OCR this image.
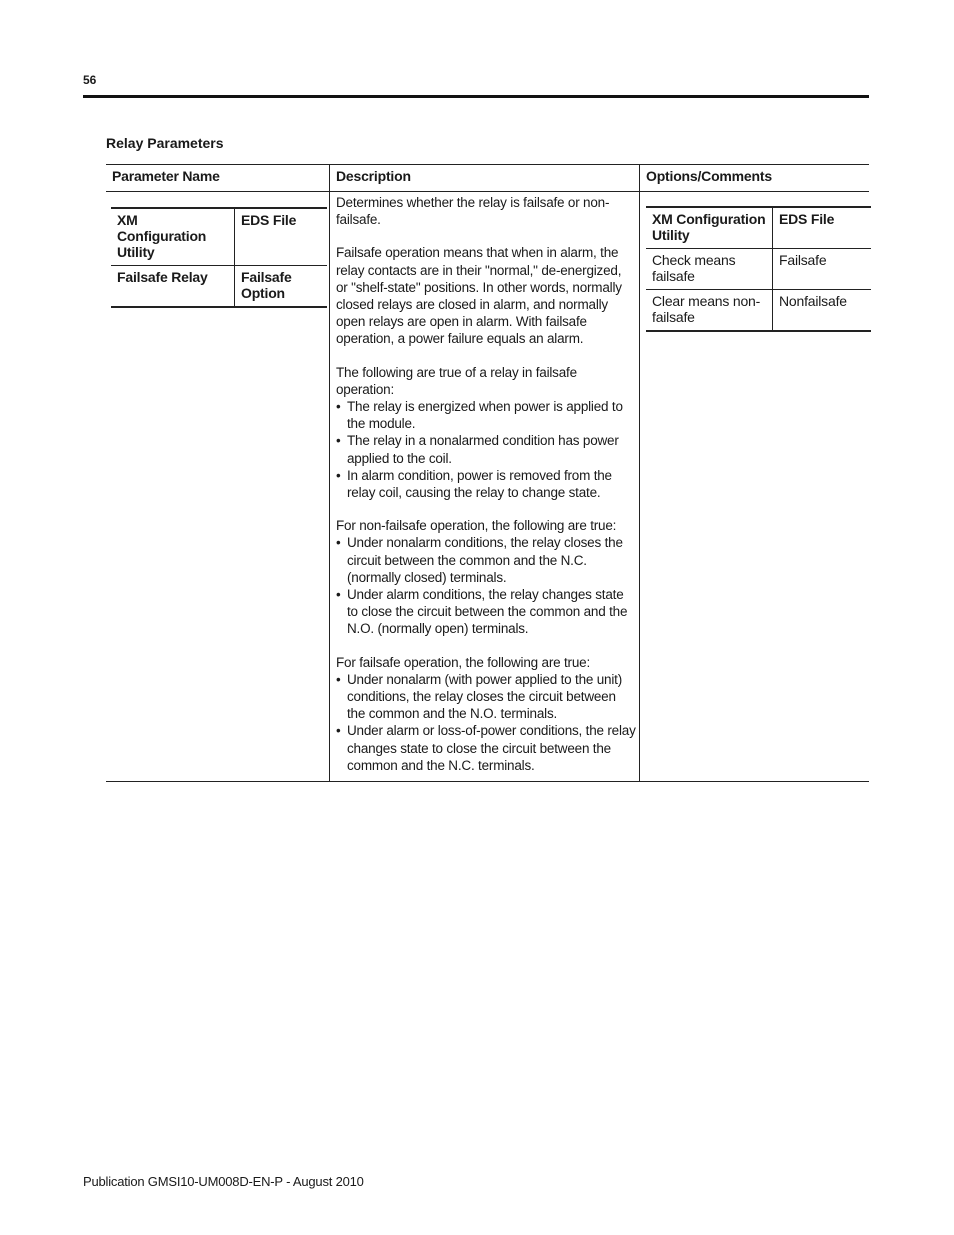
56
Relay Parameters
Parameter Name	Description	Options/Comments
XM Configuration Utility	EDS File
Failsafe Relay	Failsafe Option

Determines whether the relay is failsafe or non-failsafe.

Failsafe operation means that when in alarm, the relay contacts are in their "normal," de-energized, or "shelf-state" positions. In other words, normally closed relays are closed in alarm, and normally open relays are open in alarm. With failsafe operation, a power failure equals an alarm.

The following are true of a relay in failsafe operation:

• The relay is energized when power is applied to the module.
• The relay in a nonalarmed condition has power applied to the coil.
• In alarm condition, power is removed from the relay coil, causing the relay to change state.

For non-failsafe operation, the following are true:

• Under nonalarm conditions, the relay closes the circuit between the common and the N.C. (normally closed) terminals.
• Under alarm conditions, the relay changes state to close the circuit between the common and the N.O. (normally open) terminals.

For failsafe operation, the following are true:

• Under nonalarm (with power applied to the unit) conditions, the relay closes the circuit between the common and the N.O. terminals.
• Under alarm or loss-of-power conditions, the relay changes state to close the circuit between the common and the N.C. terminals.
XM Configuration Utility	EDS File
Check means failsafe	Failsafe
Clear means non-failsafe	Nonfailsafe
Publication GMSI10-UM008D-EN-P - August 2010
